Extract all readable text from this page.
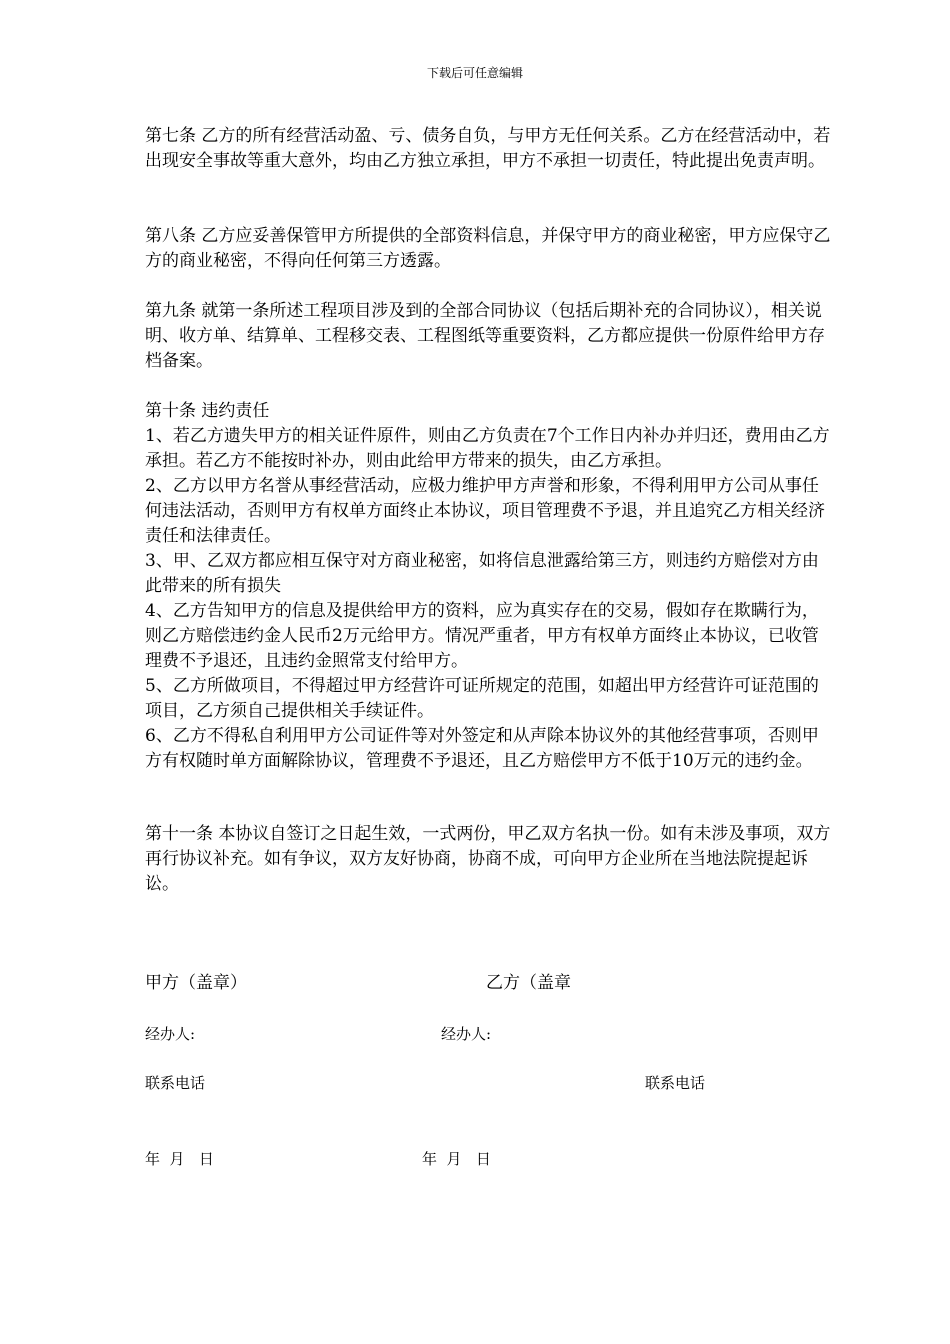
下载后可任意编辑

第七条 乙方的所有经营活动盈、亏、债务自负，与甲方无任何关系。乙方在经营活动中，若出现安全事故等重大意外，均由乙方独立承担，甲方不承担一切责任，特此提出免责声明。

第八条 乙方应妥善保管甲方所提供的全部资料信息，并保守甲方的商业秘密，甲方应保守乙方的商业秘密，不得向任何第三方透露。

第九条 就第一条所述工程项目涉及到的全部合同协议（包括后期补充的合同协议），相关说明、收方单、结算单、工程移交表、工程图纸等重要资料，乙方都应提供一份原件给甲方存档备案。

第十条 违约责任

1、若乙方遗失甲方的相关证件原件，则由乙方负责在7个工作日内补办并归还，费用由乙方承担。若乙方不能按时补办，则由此给甲方带来的损失，由乙方承担。

2、乙方以甲方名誉从事经营活动，应极力维护甲方声誉和形象，不得利用甲方公司从事任何违法活动，否则甲方有权单方面终止本协议，项目管理费不予退，并且追究乙方相关经济责任和法律责任。

3、甲、乙双方都应相互保守对方商业秘密，如将信息泄露给第三方，则违约方赔偿对方由此带来的所有损失

4、乙方告知甲方的信息及提供给甲方的资料，应为真实存在的交易，假如存在欺瞒行为，则乙方赔偿违约金人民币2万元给甲方。情况严重者，甲方有权单方面终止本协议，已收管理费不予退还，且违约金照常支付给甲方。

5、乙方所做项目，不得超过甲方经营许可证所规定的范围，如超出甲方经营许可证范围的项目，乙方须自己提供相关手续证件。

6、乙方不得私自利用甲方公司证件等对外签定和从声除本协议外的其他经营事项，否则甲方有权随时单方面解除协议，管理费不予退还，且乙方赔偿甲方不低于10万元的违约金。

第十一条 本协议自签订之日起生效，一式两份，甲乙双方名执一份。如有未涉及事项，双方再行协议补充。如有争议，双方友好协商，协商不成，可向甲方企业所在当地法院提起诉讼。

甲方（盖章）	乙方（盖章
经办人:	经办人:
联系电话	联系电话
年  月   日	年  月   日
